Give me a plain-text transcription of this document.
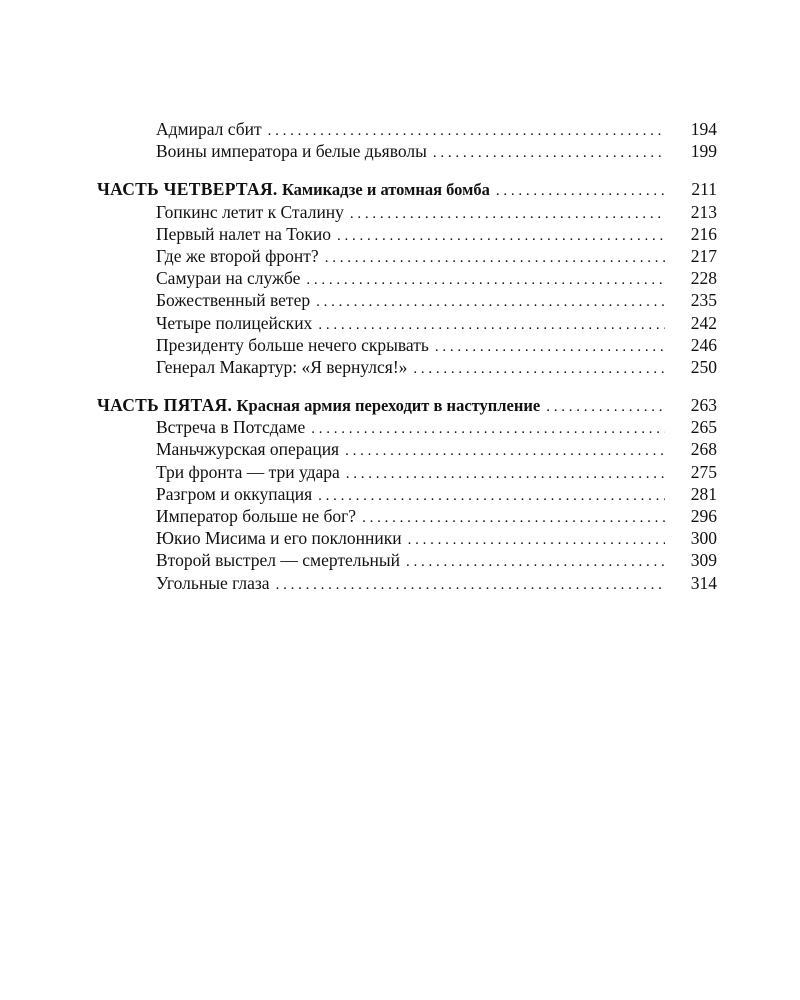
Адмирал сбит . . .	194
Воины императора и белые дьяволы . . .	199
ЧАСТЬ ЧЕТВЕРТАЯ. Камикадзе и атомная бомба . . .	211
Гопкинс летит к Сталину . . .	213
Первый налет на Токио . . .	216
Где же второй фронт? . . .	217
Самураи на службе . . .	228
Божественный ветер . . .	235
Четыре полицейских . . .	242
Президенту больше нечего скрывать . . .	246
Генерал Макартур: «Я вернулся!» . . .	250
ЧАСТЬ ПЯТАЯ. Красная армия переходит в наступление . . .	263
Встреча в Потсдаме . . .	265
Маньчжурская операция . . .	268
Три фронта — три удара . . .	275
Разгром и оккупация . . .	281
Император больше не бог? . . .	296
Юкио Мисима и его поклонники . . .	300
Второй выстрел — смертельный . . .	309
Угольные глаза . . .	314
